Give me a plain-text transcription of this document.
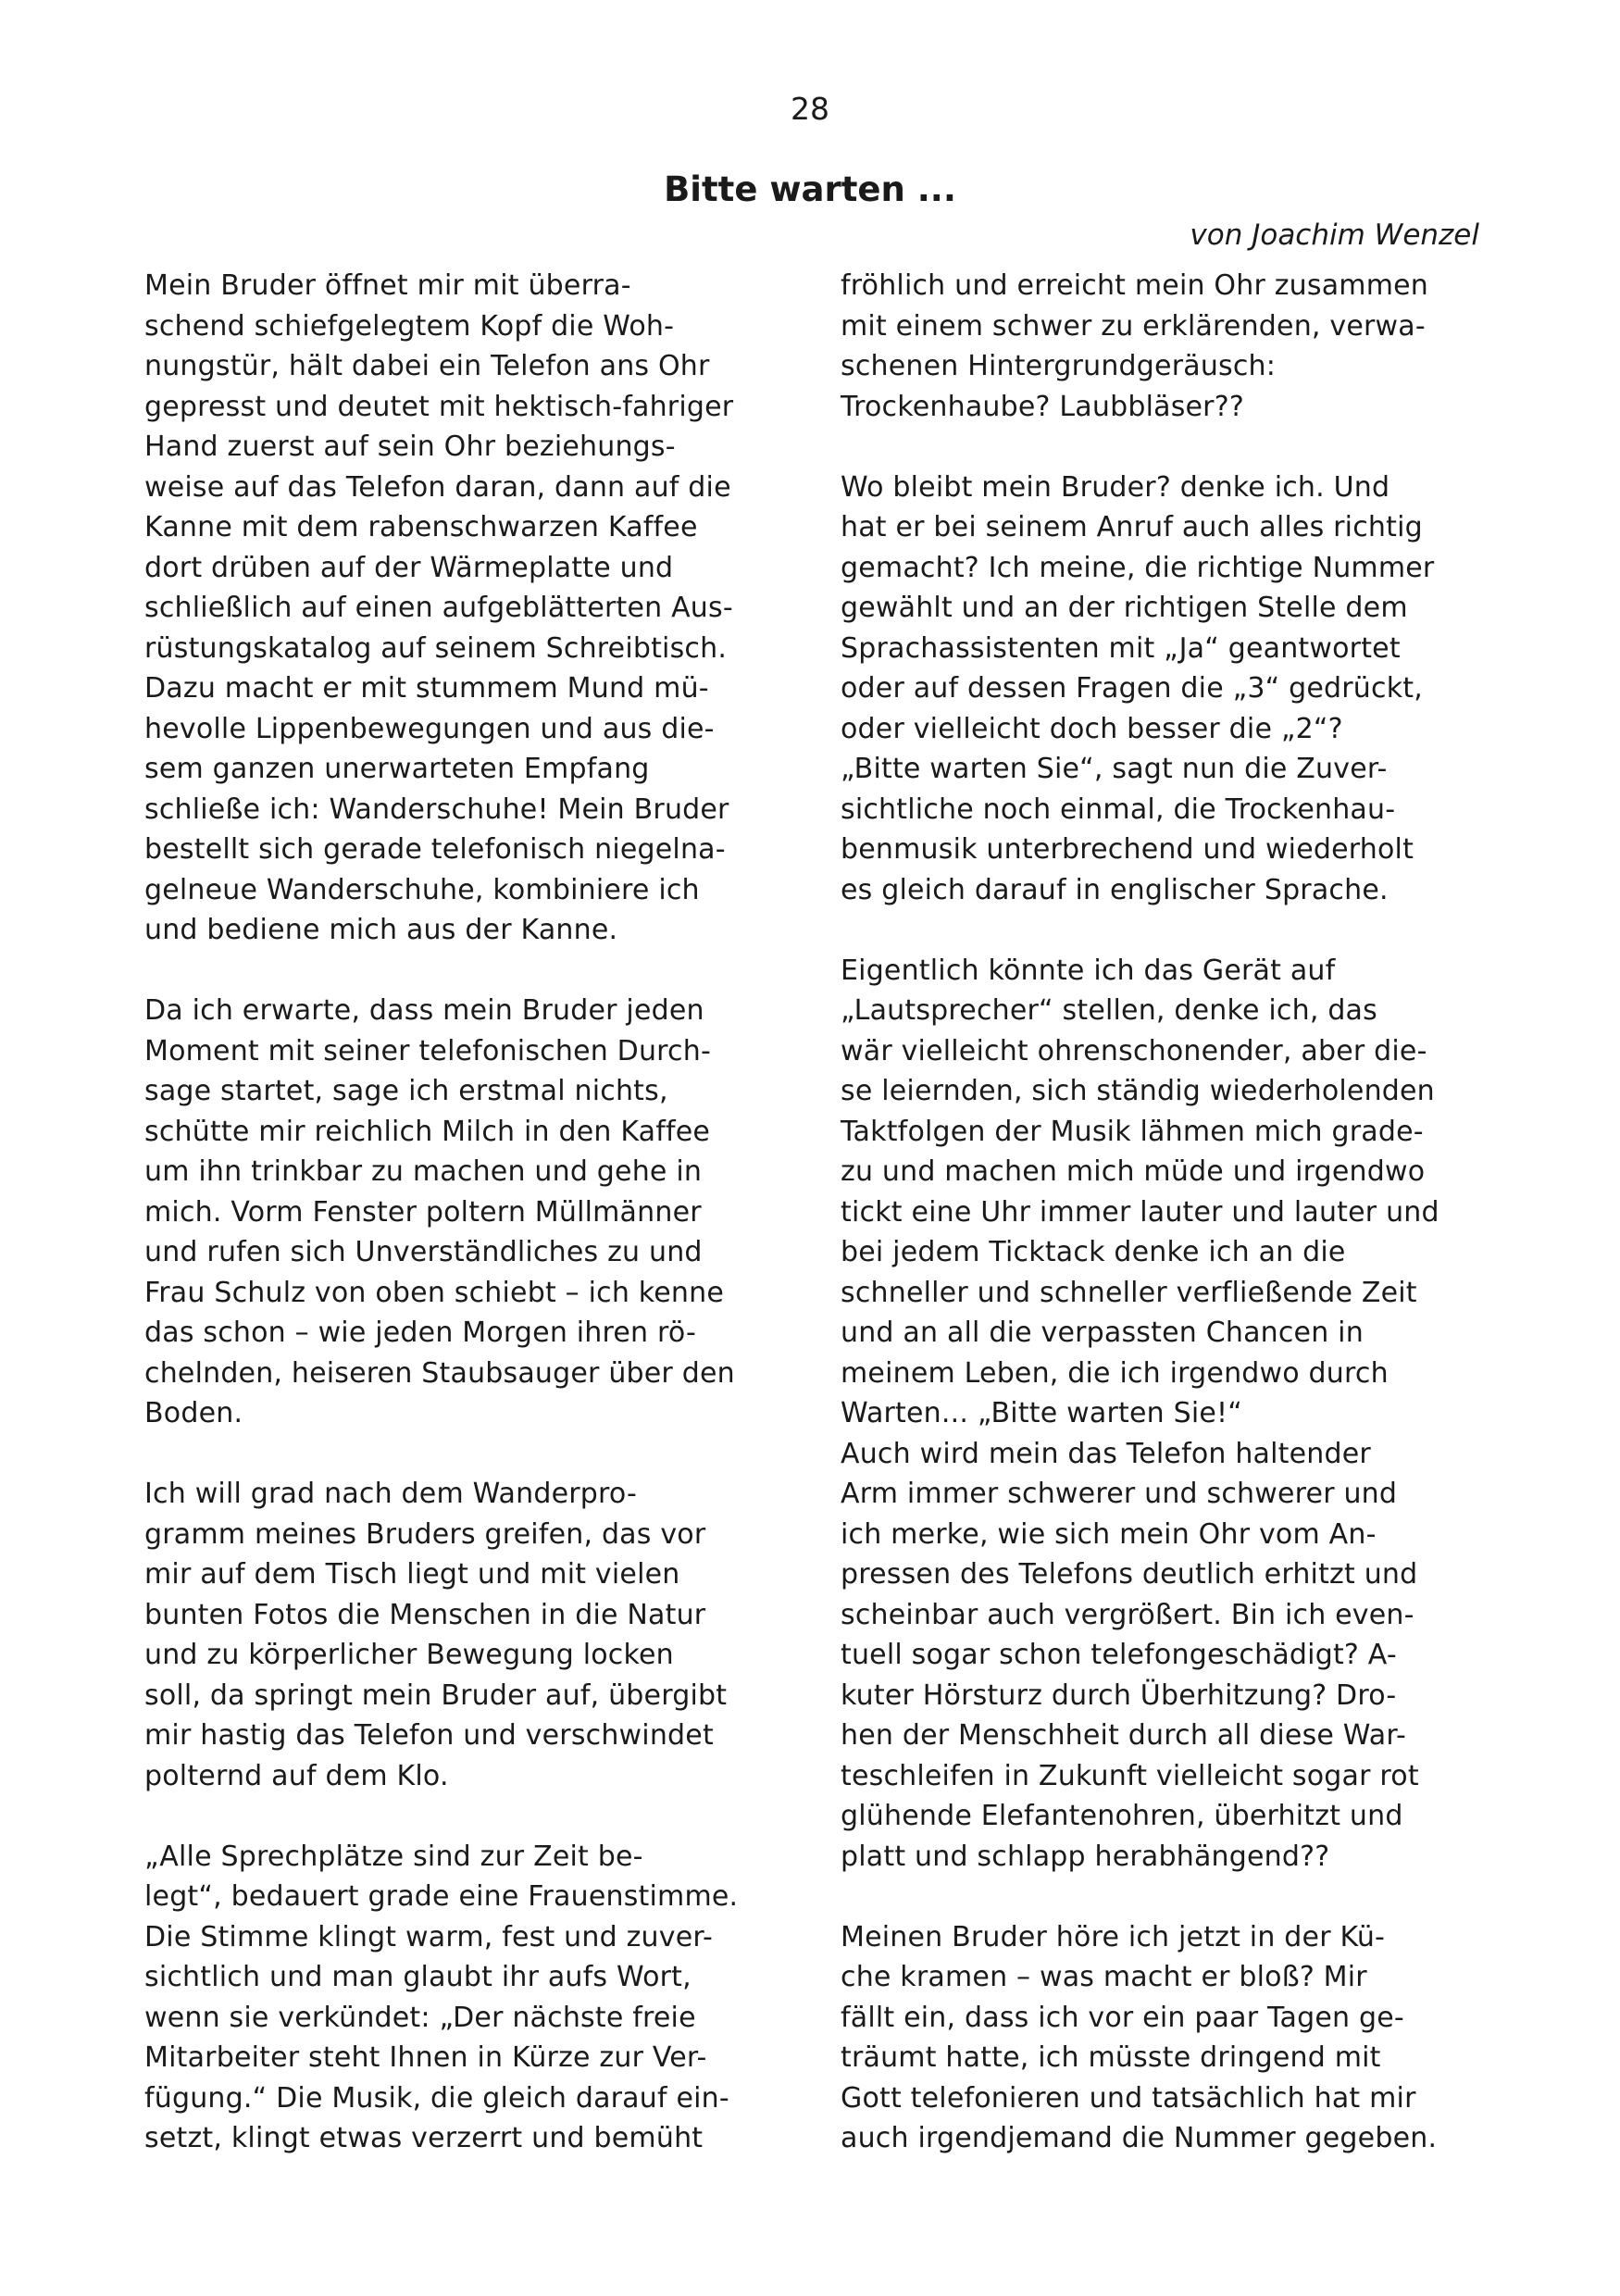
28
Bitte warten ...
von Joachim Wenzel

Mein Bruder öffnet mir mit überra-
schend schiefgelegtem Kopf die Woh-
nungstür, hält dabei ein Telefon ans Ohr
gepresst und deutet mit hektisch-fahriger
Hand zuerst auf sein Ohr beziehungs-
weise auf das Telefon daran, dann auf die
Kanne mit dem rabenschwarzen Kaffee
dort drüben auf der Wärmeplatte und
schließlich auf einen aufgeblätterten Aus-
rüstungskatalog auf seinem Schreibtisch.
Dazu macht er mit stummem Mund mü-
hevolle Lippenbewegungen und aus die-
sem ganzen unerwarteten Empfang
schließe ich: Wanderschuhe! Mein Bruder
bestellt sich gerade telefonisch niegelna-
gelneue Wanderschuhe, kombiniere ich
und bediene mich aus der Kanne.

Da ich erwarte, dass mein Bruder jeden
Moment mit seiner telefonischen Durch-
sage startet, sage ich erstmal nichts,
schütte mir reichlich Milch in den Kaffee
um ihn trinkbar zu machen und gehe in
mich. Vorm Fenster poltern Müllmänner
und rufen sich Unverständliches zu und
Frau Schulz von oben schiebt – ich kenne
das schon – wie jeden Morgen ihren rö-
chelnden, heiseren Staubsauger über den
Boden.

Ich will grad nach dem Wanderpro-
gramm meines Bruders greifen, das vor
mir auf dem Tisch liegt und mit vielen
bunten Fotos die Menschen in die Natur
und zu körperlicher Bewegung locken
soll, da springt mein Bruder auf, übergibt
mir hastig das Telefon und verschwindet
polternd auf dem Klo.

„Alle Sprechplätze sind zur Zeit be-
legt“, bedauert grade eine Frauenstimme.
Die Stimme klingt warm, fest und zuver-
sichtlich und man glaubt ihr aufs Wort,
wenn sie verkündet: „Der nächste freie
Mitarbeiter steht Ihnen in Kürze zur Ver-
fügung.“ Die Musik, die gleich darauf ein-
setzt, klingt etwas verzerrt und bemüht

fröhlich und erreicht mein Ohr zusammen
mit einem schwer zu erklärenden, verwa-
schenen Hintergrundgeräusch:
Trockenhaube? Laubbläser??

Wo bleibt mein Bruder? denke ich. Und
hat er bei seinem Anruf auch alles richtig
gemacht? Ich meine, die richtige Nummer
gewählt und an der richtigen Stelle dem
Sprachassistenten mit „Ja“ geantwortet
oder auf dessen Fragen die „3“ gedrückt,
oder vielleicht doch besser die „2“?
„Bitte warten Sie“, sagt nun die Zuver-
sichtliche noch einmal, die Trockenhau-
benmusik unterbrechend und wiederholt
es gleich darauf in englischer Sprache.

Eigentlich könnte ich das Gerät auf
„Lautsprecher“ stellen, denke ich, das
wär vielleicht ohrenschonender, aber die-
se leiernden, sich ständig wiederholenden
Taktfolgen der Musik lähmen mich grade-
zu und machen mich müde und irgendwo
tickt eine Uhr immer lauter und lauter und
bei jedem Ticktack denke ich an die
schneller und schneller verfließende Zeit
und an all die verpassten Chancen in
meinem Leben, die ich irgendwo durch
Warten... „Bitte warten Sie!“
Auch wird mein das Telefon haltender
Arm immer schwerer und schwerer und
ich merke, wie sich mein Ohr vom An-
pressen des Telefons deutlich erhitzt und
scheinbar auch vergrößert. Bin ich even-
tuell sogar schon telefongeschädigt? A-
kuter Hörsturz durch Überhitzung? Dro-
hen der Menschheit durch all diese War-
teschleifen in Zukunft vielleicht sogar rot
glühende Elefantenohren, überhitzt und
platt und schlapp herabhängend??

Meinen Bruder höre ich jetzt in der Kü-
che kramen – was macht er bloß? Mir
fällt ein, dass ich vor ein paar Tagen ge-
träumt hatte, ich müsste dringend mit
Gott telefonieren und tatsächlich hat mir
auch irgendjemand die Nummer gegeben.
